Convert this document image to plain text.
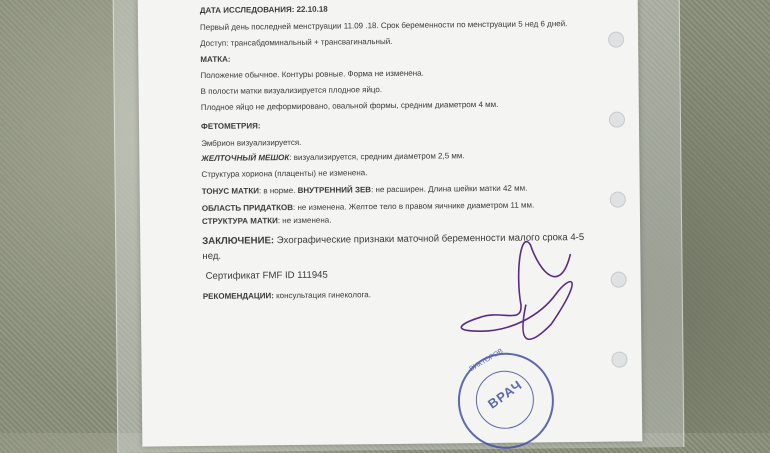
ДАТА ИССЛЕДОВАНИЯ: 22.10.18
Первый день последней менструации 11.09 .18. Срок беременности по менструации 5 нед 6 дней.
Доступ: трансабдоминальный + трансвагинальный.
МАТКА:
Положение обычное. Контуры ровные. Форма не изменена.
В полости матки визуализируется плодное яйцо.
Плодное яйцо не деформировано, овальной формы, средним диаметром 4 мм.
ФЕТОМЕТРИЯ:
Эмбрион визуализируется.
ЖЕЛТОЧНЫЙ МЕШОК: визуализируется, средним диаметром 2,5 мм.
Структура хориона (плаценты) не изменена.
ТОНУС МАТКИ: в норме. ВНУТРЕННИЙ ЗЕВ: не расширен. Длина шейки матки 42 мм.
ОБЛАСТЬ ПРИДАТКОВ: не изменена. Желтое тело в правом яичнике диаметром 11 мм.
СТРУКТУРА МАТКИ: не изменена.
ЗАКЛЮЧЕНИЕ: Эхографические признаки маточной беременности малого срока 4-5
нед.
Сертификат FMF ID 111945
РЕКОМЕНДАЦИИ: консультация гинеколога.
ВИКТОРОВ
ВРАЧ
